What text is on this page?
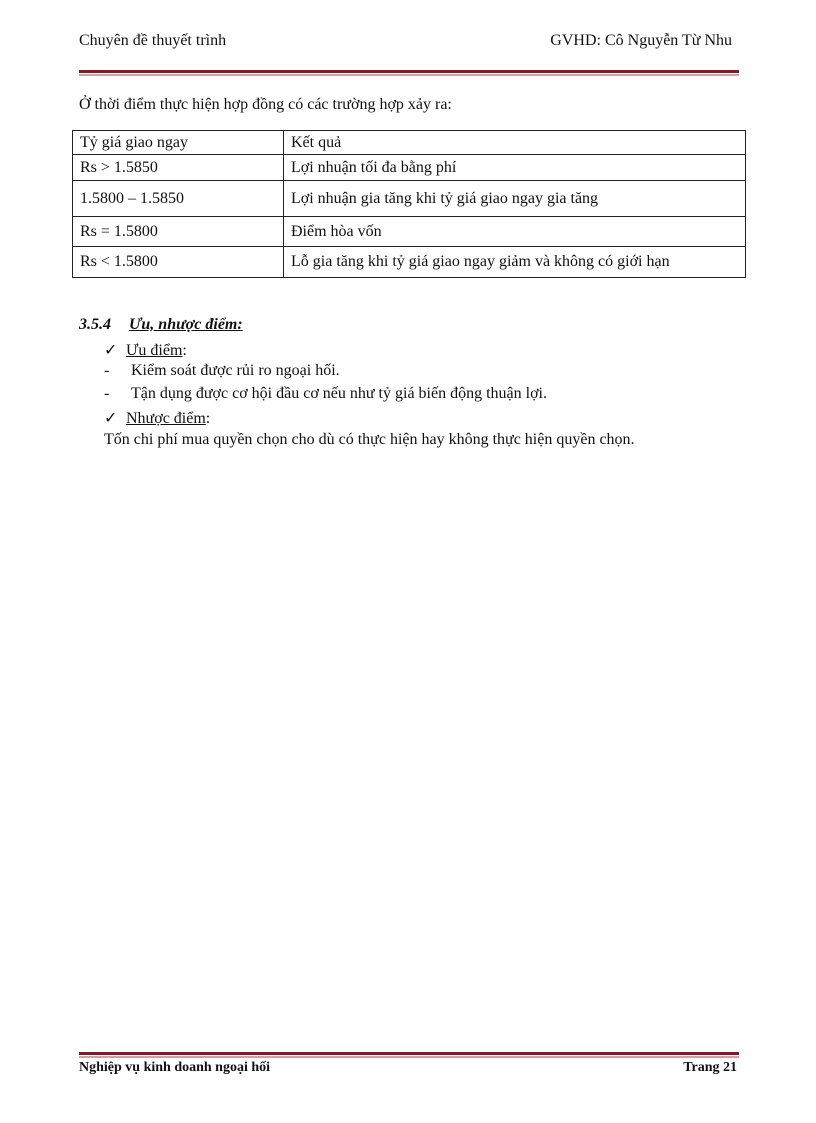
Chuyên đề thuyết trình	GVHD: Cô Nguyễn Từ Nhu
Ở thời điểm thực hiện hợp đồng có các trường hợp xảy ra:
Tỷ giá giao ngay	Kết quả
Rs > 1.5850	Lợi nhuận tối đa bằng phí
1.5800 – 1.5850	Lợi nhuận gia tăng khi tỷ giá giao ngay gia tăng
Rs = 1.5800	Điểm hòa vốn
Rs < 1.5800	Lỗ gia tăng khi tỷ giá giao ngay giảm và không có giới hạn
3.5.4 Ưu, nhược điểm:
✓ Ưu điểm:
- Kiểm soát được rủi ro ngoại hối.
- Tận dụng được cơ hội đầu cơ nếu như tỷ giá biến động thuận lợi.
✓ Nhược điểm:
Tốn chi phí mua quyền chọn cho dù có thực hiện hay không thực hiện quyền chọn.
Nghiệp vụ kinh doanh ngoại hối	Trang 21
